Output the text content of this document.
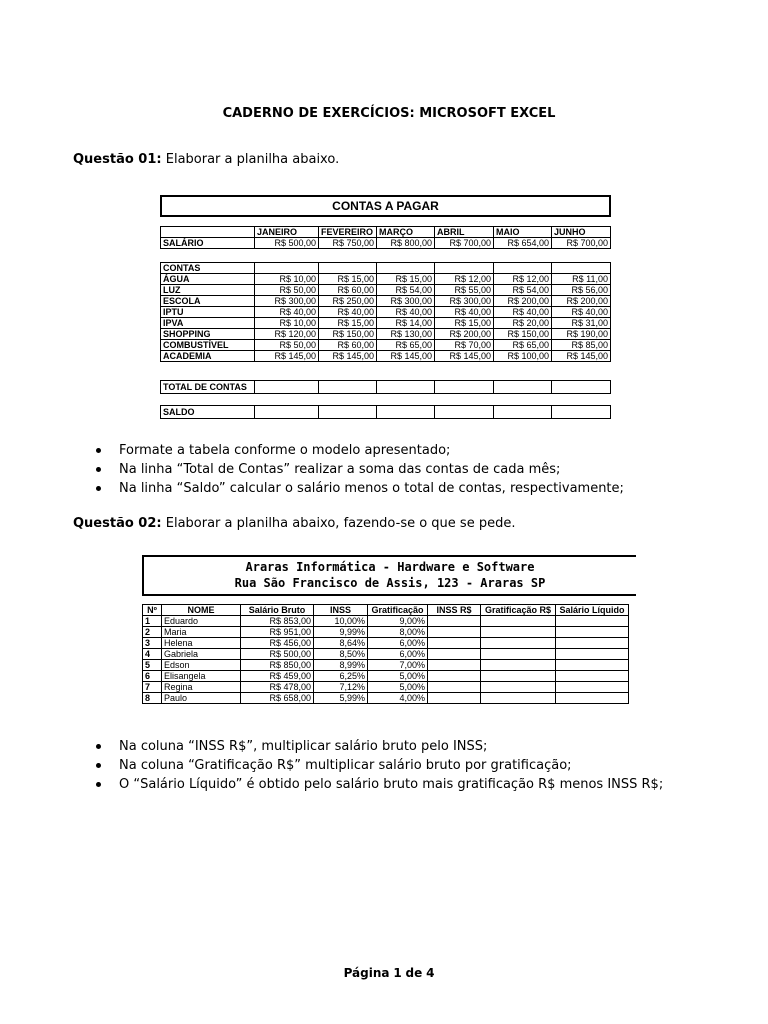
CADERNO DE EXERCÍCIOS: MICROSOFT EXCEL
Questão 01: Elaborar a planilha abaixo.
CONTAS A PAGAR
	JANEIRO	FEVEREIRO	MARÇO	ABRIL	MAIO	JUNHO
SALÁRIO	R$ 500,00	R$ 750,00	R$ 800,00	R$ 700,00	R$ 654,00	R$ 700,00
CONTAS						
ÁGUA	R$ 10,00	R$ 15,00	R$ 15,00	R$ 12,00	R$ 12,00	R$ 11,00
LUZ	R$ 50,00	R$ 60,00	R$ 54,00	R$ 55,00	R$ 54,00	R$ 56,00
ESCOLA	R$ 300,00	R$ 250,00	R$ 300,00	R$ 300,00	R$ 200,00	R$ 200,00
IPTU	R$ 40,00	R$ 40,00	R$ 40,00	R$ 40,00	R$ 40,00	R$ 40,00
IPVA	R$ 10,00	R$ 15,00	R$ 14,00	R$ 15,00	R$ 20,00	R$ 31,00
SHOPPING	R$ 120,00	R$ 150,00	R$ 130,00	R$ 200,00	R$ 150,00	R$ 190,00
COMBUSTÍVEL	R$ 50,00	R$ 60,00	R$ 65,00	R$ 70,00	R$ 65,00	R$ 85,00
ACADEMIA	R$ 145,00	R$ 145,00	R$ 145,00	R$ 145,00	R$ 100,00	R$ 145,00
TOTAL DE CONTAS						
SALDO						
Formate a tabela conforme o modelo apresentado;
Na linha “Total de Contas” realizar a soma das contas de cada mês;
Na linha “Saldo” calcular o salário menos o total de contas, respectivamente;
Questão 02: Elaborar a planilha abaixo, fazendo-se o que se pede.
Araras Informática - Hardware e Software
Rua São Francisco de Assis, 123 - Araras SP
Nº	NOME	Salário Bruto	INSS	Gratificação	INSS R$	Gratificação R$	Salário Líquido
1	Eduardo	R$ 853,00	10,00%	9,00%			
2	Maria	R$ 951,00	9,99%	8,00%			
3	Helena	R$ 456,00	8,64%	6,00%			
4	Gabriela	R$ 500,00	8,50%	6,00%			
5	Edson	R$ 850,00	8,99%	7,00%			
6	Elisangela	R$ 459,00	6,25%	5,00%			
7	Regina	R$ 478,00	7,12%	5,00%			
8	Paulo	R$ 658,00	5,99%	4,00%			
Na coluna “INSS R$”, multiplicar salário bruto pelo INSS;
Na coluna “Gratificação R$” multiplicar salário bruto por gratificação;
O “Salário Líquido” é obtido pelo salário bruto mais gratificação R$ menos INSS R$;
Página 1 de 4
